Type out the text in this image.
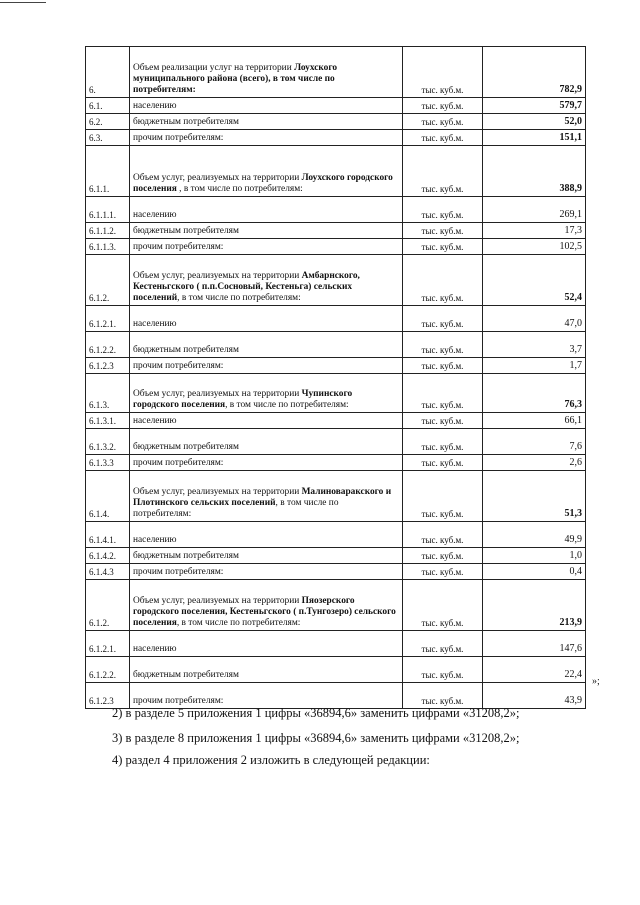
6.	Объем реализации услуг на территории Лоухского муниципального района (всего), в том числе по потребителям:	тыс. куб.м.	782,9
6.1.	населению	тыс. куб.м.	579,7
6.2.	бюджетным потребителям	тыс. куб.м.	52,0
6.3.	прочим потребителям:	тыс. куб.м.	151,1
6.1.1.	Объем услуг, реализуемых на территории Лоухского городского поселения , в том числе по потребителям:	тыс. куб.м.	388,9
6.1.1.1.	населению	тыс. куб.м.	269,1
6.1.1.2.	бюджетным потребителям	тыс. куб.м.	17,3
6.1.1.3.	прочим потребителям:	тыс. куб.м.	102,5
6.1.2.	Объем услуг, реализуемых на территории Амбарнского, Кестеньгского ( п.п.Сосновый, Кестеньга) сельских поселений, в том числе по потребителям:	тыс. куб.м.	52,4
6.1.2.1.	населению	тыс. куб.м.	47,0
6.1.2.2.	бюджетным потребителям	тыс. куб.м.	3,7
6.1.2.3	прочим потребителям:	тыс. куб.м.	1,7
6.1.3.	Объем услуг, реализуемых на территории Чупинского городского поселения, в том числе по потребителям:	тыс. куб.м.	76,3
6.1.3.1.	населению	тыс. куб.м.	66,1
6.1.3.2.	бюджетным потребителям	тыс. куб.м.	7,6
6.1.3.3	прочим потребителям:	тыс. куб.м.	2,6
6.1.4.	Объем услуг, реализуемых на территории Малиноваракского и Плотинского сельских поселений, в том числе по потребителям:	тыс. куб.м.	51,3
6.1.4.1.	населению	тыс. куб.м.	49,9
6.1.4.2.	бюджетным потребителям	тыс. куб.м.	1,0
6.1.4.3	прочим потребителям:	тыс. куб.м.	0,4
6.1.2.	Объем услуг, реализуемых на территории Пяозерского городского поселения, Кестеньгского ( п.Тунгозеро) сельского поселения, в том числе по потребителям:	тыс. куб.м.	213,9
6.1.2.1.	населению	тыс. куб.м.	147,6
6.1.2.2.	бюджетным потребителям	тыс. куб.м.	22,4
6.1.2.3	прочим потребителям:	тыс. куб.м.	43,9
»;
2) в разделе 5 приложения 1 цифры «36894,6» заменить цифрами «31208,2»;
3) в разделе 8 приложения 1 цифры «36894,6» заменить цифрами «31208,2»;
4) раздел 4 приложения 2 изложить в следующей редакции:
